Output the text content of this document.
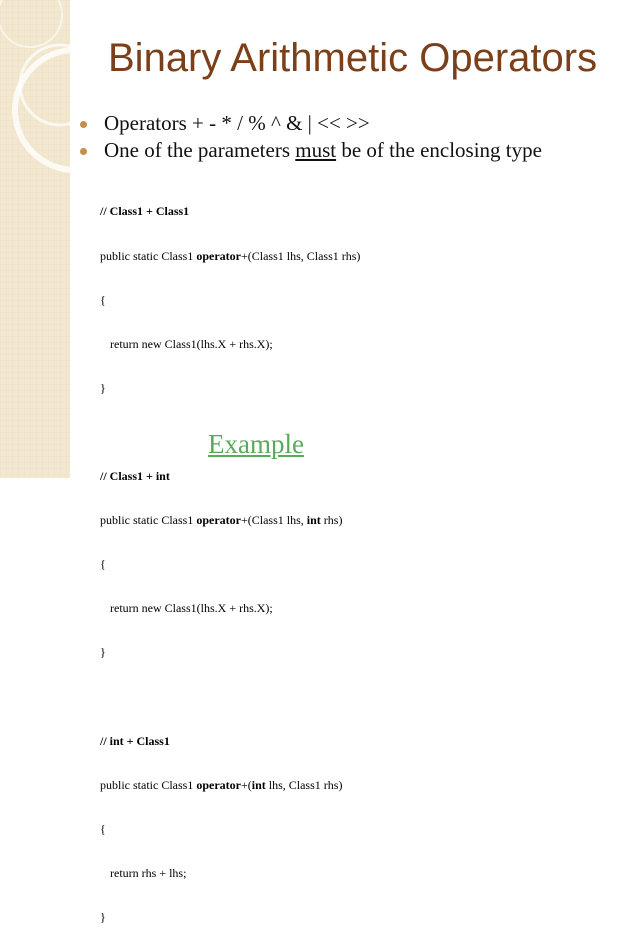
Binary Arithmetic Operators
Operators + - * / % ^ & | << >>
One of the parameters must be of the enclosing type

// Class1 + Class1

public static Class1 operator+(Class1 lhs, Class1 rhs)

{

return new Class1(lhs.X + rhs.X);

}

// Class1 + int

public static Class1 operator+(Class1 lhs, int rhs)

{

return new Class1(lhs.X + rhs.X);

}

// int + Class1

public static Class1 operator+(int lhs, Class1 rhs)

{

return rhs + lhs;

}

Example
